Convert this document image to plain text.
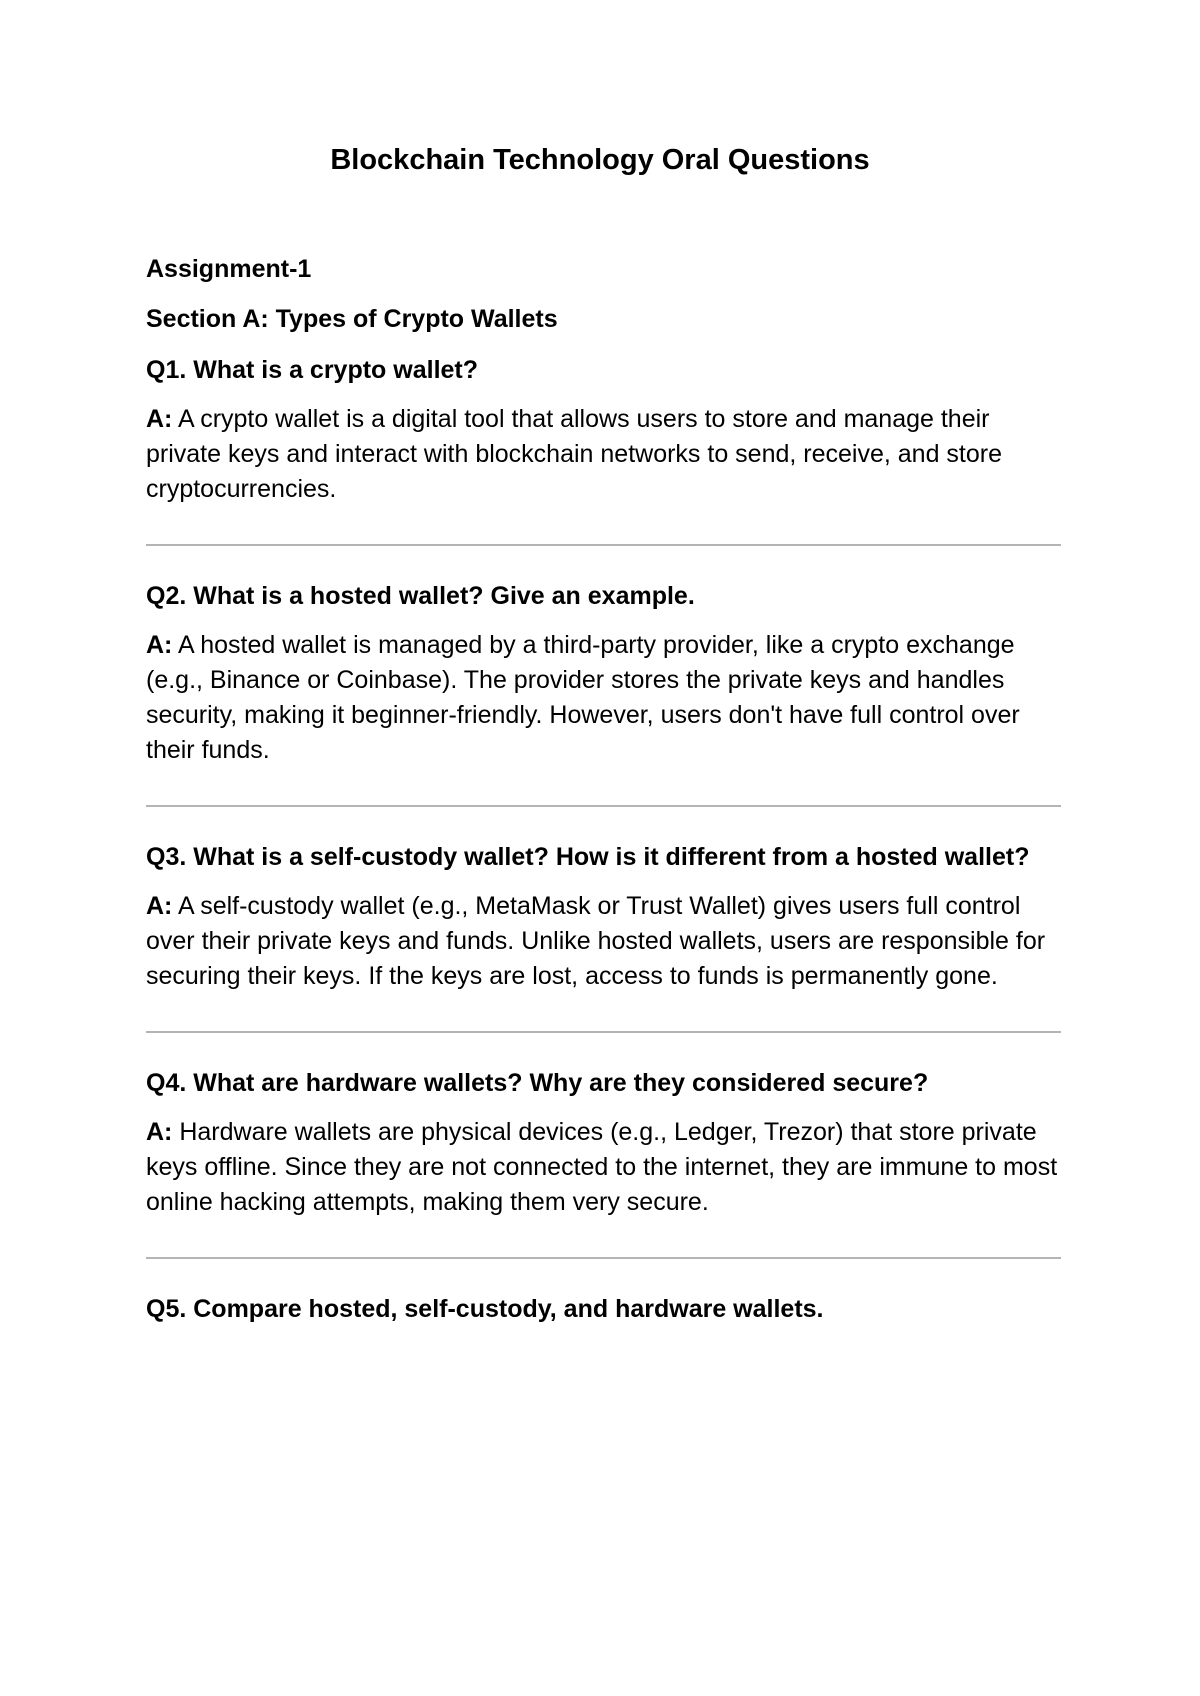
Blockchain Technology Oral Questions
Assignment-1
Section A: Types of Crypto Wallets
Q1. What is a crypto wallet?

A: A crypto wallet is a digital tool that allows users to store and manage their private keys and interact with blockchain networks to send, receive, and store cryptocurrencies.

Q2. What is a hosted wallet? Give an example.

A: A hosted wallet is managed by a third-party provider, like a crypto exchange (e.g., Binance or Coinbase). The provider stores the private keys and handles security, making it beginner-friendly. However, users don't have full control over their funds.

Q3. What is a self-custody wallet? How is it different from a hosted wallet?

A: A self-custody wallet (e.g., MetaMask or Trust Wallet) gives users full control over their private keys and funds. Unlike hosted wallets, users are responsible for securing their keys. If the keys are lost, access to funds is permanently gone.

Q4. What are hardware wallets? Why are they considered secure?

A: Hardware wallets are physical devices (e.g., Ledger, Trezor) that store private keys offline. Since they are not connected to the internet, they are immune to most online hacking attempts, making them very secure.

Q5. Compare hosted, self-custody, and hardware wallets.
